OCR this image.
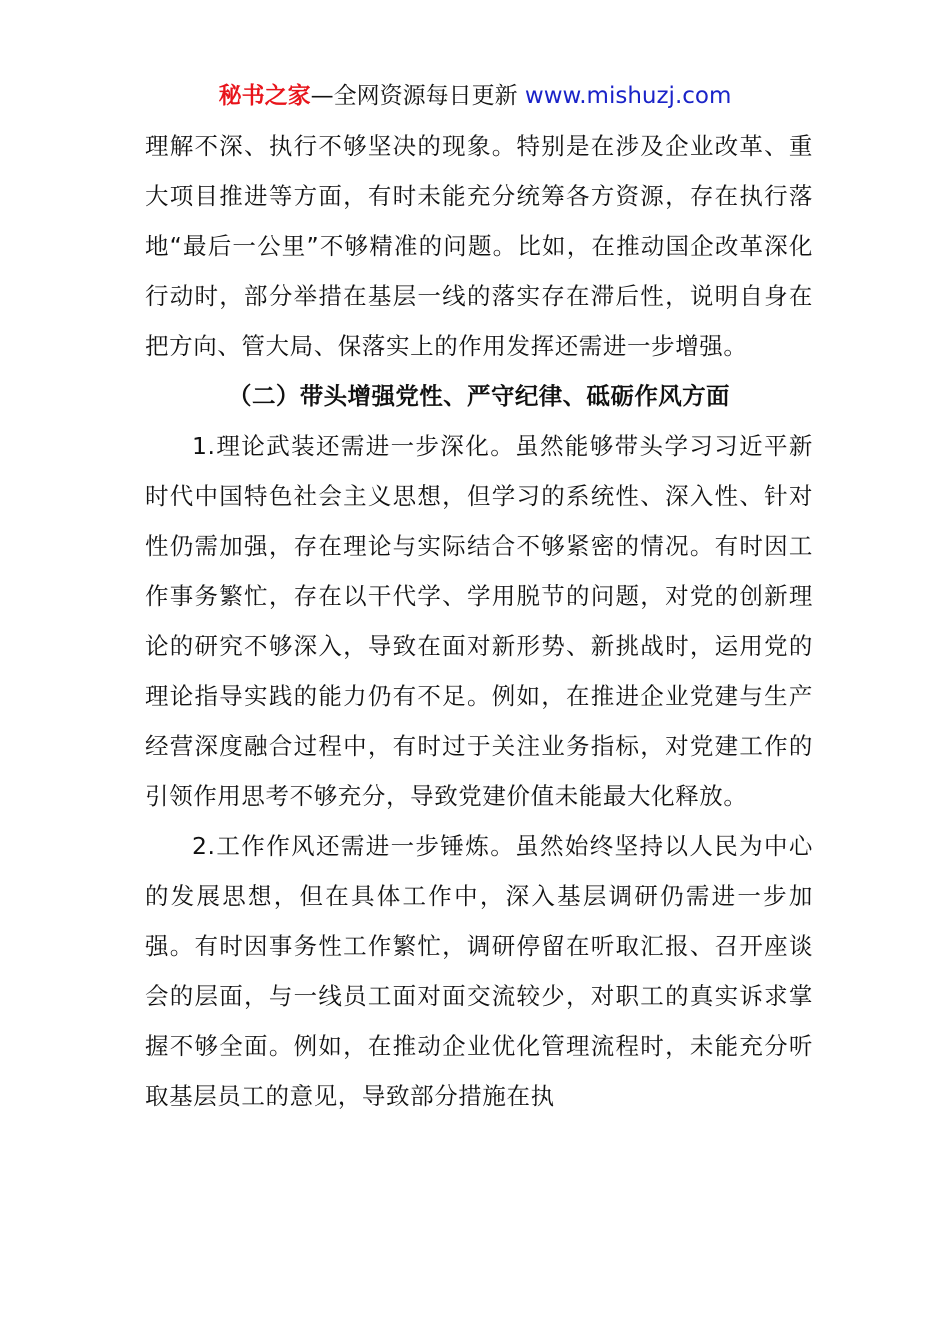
秘书之家—全网资源每日更新 www.mishuzj.com

理解不深、执行不够坚决的现象。特别是在涉及企业改革、重大项目推进等方面，有时未能充分统筹各方资源，存在执行落地“最后一公里”不够精准的问题。比如，在推动国企改革深化行动时，部分举措在基层一线的落实存在滞后性，说明自身在把方向、管大局、保落实上的作用发挥还需进一步增强。

（二）带头增强党性、严守纪律、砥砺作风方面

1.理论武装还需进一步深化。虽然能够带头学习习近平新时代中国特色社会主义思想，但学习的系统性、深入性、针对性仍需加强，存在理论与实际结合不够紧密的情况。有时因工作事务繁忙，存在以干代学、学用脱节的问题，对党的创新理论的研究不够深入，导致在面对新形势、新挑战时，运用党的理论指导实践的能力仍有不足。例如，在推进企业党建与生产经营深度融合过程中，有时过于关注业务指标，对党建工作的引领作用思考不够充分，导致党建价值未能最大化释放。

2.工作作风还需进一步锤炼。虽然始终坚持以人民为中心的发展思想，但在具体工作中，深入基层调研仍需进一步加强。有时因事务性工作繁忙，调研停留在听取汇报、召开座谈会的层面，与一线员工面对面交流较少，对职工的真实诉求掌握不够全面。例如，在推动企业优化管理流程时，未能充分听取基层员工的意见，导致部分措施在执
